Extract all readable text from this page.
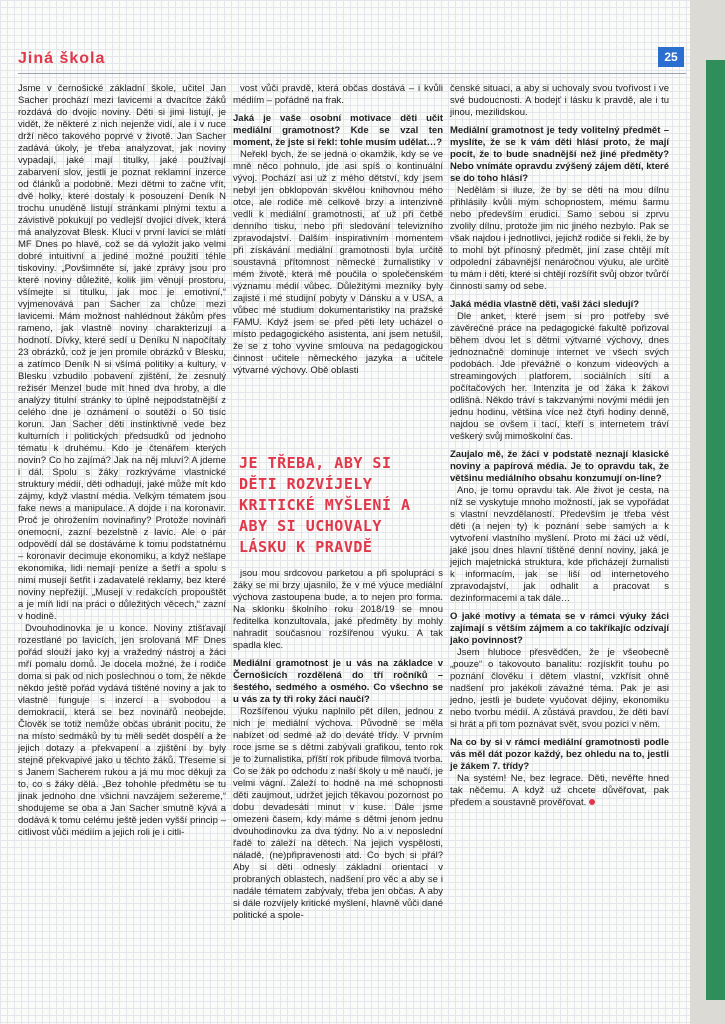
Jiná škola	25

Jsme v černošické základní škole, učitel Jan Sacher prochází mezi lavicemi a dvacítce žáků rozdává do dvojic noviny. Děti si jimi listují, je vidět, že některé z nich nejenže vidí, ale i v ruce drží něco takového poprvé v životě. Jan Sacher zadává úkoly, je třeba analyzovat, jak noviny vypadají, jaké mají titulky, jaké používají zabarvení slov, jestli je poznat reklamní inzerce od článků a podobně. Mezi dětmi to začne vřít, dvě holky, které dostaly k posouzení Deník N trochu unuděně listují stránkami plnými textu a závistivě pokukují po vedlejší dvojici dívek, která má analyzovat Blesk. Kluci v první lavici se mlátí MF Dnes po hlavě, což se dá vyložit jako velmi dobré intuitivní a jediné možné použití téhle tiskoviny. „Povšimněte si, jaké zprávy jsou pro které noviny důležité, kolik jim věnují prostoru, všímejte si titulku, jak moc je emotivní,“ vyjmenovává pan Sacher za chůze mezi lavicemi. Mám možnost nahlédnout žákům přes rameno, jak vlastně noviny charakterizují a hodnotí. Dívky, které sedí u Deníku N napočítaly 23 obrázků, což je jen promile obrázků v Blesku, a zatímco Deník N si všímá politiky a kultury, v Blesku vzbudilo pobavení zjištění, že zesnulý režisér Menzel bude mít hned dva hroby, a dle analýzy titulní stránky to úplně nejpodstatnější z celého dne je oznámení o soutěži o 50 tisíc korun. Jan Sacher děti instinktivně vede bez kulturních i politických předsudků od jednoho tématu k druhému. Kdo je čtenářem kterých novin? Co ho zajímá? Jak na něj mluví? A jdeme i dál. Spolu s žáky rozkrýváme vlastnické struktury médií, děti odhadují, jaké může mít kdo zájmy, když vlastní média. Velkým tématem jsou fake news a manipulace. A dojde i na koronavir. Proč je ohrožením novinařiny? Protože novináři onemocní, zazní bezelstně z lavic. Ale o pár odpovědí dál se dostáváme k tomu podstatnému – koronavir decimuje ekonomiku, a když nešlape ekonomika, lidi nemají peníze a šetří a spolu s nimi musejí šetřit i zadavatelé reklamy, bez které noviny nepřežijí. „Musejí v redakcích propouštět a je míň lidí na práci o důležitých věcech,“ zazní v hodině.

Dvouhodinovka je u konce. Noviny ztišťavají rozestlané po lavicích, jen srolovaná MF Dnes pořád slouží jako kyj a vražedný nástroj a žáci mří pomalu domů. Je docela možné, že i rodiče doma si pak od nich poslechnou o tom, že někde někdo ještě pořád vydává tištěné noviny a jak to vlastně funguje s inzercí a svobodou a demokracií, která se bez novinářů neobejde. Člověk se totiž nemůže občas ubránit pocitu, že na místo sedmáků by tu měli sedět dospělí a že jejich dotazy a překvapení a zjištění by byly stejně překvapivé jako u těchto žáků. Třeseme si s Janem Sacherem rukou a já mu moc děkuji za to, co s žáky dělá. „Bez tohohle předmětu se tu jinak jednoho dne všichni navzájem sežereme,“ shodujeme se oba a Jan Sacher smutně kývá a dodává k tomu celému ještě jeden vyšší princip – citlivost vůči médiím a jejich roli je i citli-

vost vůči pravdě, která občas dostává – i kvůli médiím – pořádně na frak.

Jaká je vaše osobní motivace děti učit mediální gramotnost? Kde se vzal ten moment, že jste si řekl: tohle musím udělat…?

Neřekl bych, že se jedná o okamžik, kdy se ve mně něco pohnulo, jde asi spíš o kontinuální vývoj. Pochází asi už z mého dětství, kdy jsem nebyl jen obklopován skvělou knihovnou mého otce, ale rodiče mě celkově brzy a intenzivně vedli k mediální gramotnosti, ať už při četbě denního tisku, nebo při sledování televizního zpravodajství. Dalším inspirativním momentem při získávání mediální gramotnosti byla určitě soustavná přítomnost německé žurnalistiky v mém životě, která mě poučila o společenském významu médií vůbec. Důležitými mezníky byly zajisté i mé studijní pobyty v Dánsku a v USA, a vůbec mé studium dokumentaristiky na pražské FAMU. Když jsem se před pěti lety ucházel o místo pedagogického asistenta, ani jsem netušil, že se z toho vyvine smlouva na pedagogickou činnost učitele německého jazyka a učitele výtvarné výchovy. Obě oblasti

JE TŘEBA, ABY SI DĚTI ROZVÍJELY KRITICKÉ MYŠLENÍ A ABY SI UCHOVALY LÁSKU K PRAVDĚ

jsou mou srdcovou parketou a při spolupráci s žáky se mi brzy ujasnilo, že v mé výuce mediální výchova zastoupena bude, a to nejen pro forma. Na sklonku školního roku 2018/19 se mnou ředitelka konzultovala, jaké předměty by mohly nahradit současnou rozšířenou výuku. A tak spadla klec.

Mediální gramotnost je u vás na základce v Černošicích rozdělená do tří ročníků – šestého, sedmého a osmého. Co všechno se u vás za ty tři roky žáci naučí?

Rozšířenou výuku naplnilo pět dílen, jednou z nich je mediální výchova. Původně se měla nabízet od sedmé až do deváté třídy. V prvním roce jsme se s dětmi zabývali grafikou, tento rok je to žurnalistika, příští rok přibude filmová tvorba. Co se žák po odchodu z naší školy u mě naučí, je velmi vágní. Záleží to hodně na mé schopnosti děti zaujmout, udržet jejich těkavou pozornost po dobu devadesáti minut v kuse. Dále jsme omezeni časem, kdy máme s dětmi jenom jednu dvouhodinovku za dva týdny. No a v neposlední řadě to záleží na dětech. Na jejich vyspělosti, náladě, (ne)připravenosti atd. Co bych si přál? Aby si děti odnesly základní orientaci v probraných oblastech, nadšení pro věc a aby se i nadále tématem zabývaly, třeba jen občas. A aby si dále rozvíjely kritické myšlení, hlavně vůči dané politické a spole-

čenské situaci, a aby si uchovaly svou tvořivost i ve své budoucnosti. A bodejť i lásku k pravdě, ale i tu jinou, mezilidskou.

Mediální gramotnost je tedy volitelný předmět – myslíte, že se k vám děti hlásí proto, že mají pocit, že to bude snadnější než jiné předměty? Nebo vnímáte opravdu zvýšený zájem dětí, které se do toho hlásí?

Nedělám si iluze, že by se děti na mou dílnu přihlásily kvůli mým schopnostem, mému šarmu nebo především erudici. Samo sebou si zprvu zvolily dílnu, protože jim nic jiného nezbylo. Pak se však najdou i jednotlivci, jejichž rodiče si řekli, že by to mohl být přínosný předmět, jiní zase chtějí mít odpolední zábavnější nenáročnou výuku, ale určitě tu mám i děti, které si chtějí rozšířit svůj obzor tvůrčí činnosti samy od sebe.

Jaká média vlastně děti, vaši žáci sledují?

Dle anket, které jsem si pro potřeby své závěrečné práce na pedagogické fakultě pořizoval během dvou let s dětmi výtvarné výchovy, dnes jednoznačně dominuje internet ve všech svých podobách. Jde převážně o konzum videových a streamingových platforem, sociálních sítí a počítačových her. Intenzita je od žáka k žákovi odlišná. Někdo tráví s takzvanými novými médii jen jednu hodinu, většina více než čtyři hodiny denně, najdou se ovšem i tací, kteří s internetem tráví veškerý svůj mimoškolní čas.

Zaujalo mě, že žáci v podstatě neznají klasické noviny a papírová média. Je to opravdu tak, že většinu mediálního obsahu konzumují on-line?

Ano, je tomu opravdu tak. Ale život je cesta, na níž se vyskytuje mnoho možností, jak se vypořádat s vlastní nevzdělaností. Především je třeba vést děti (a nejen ty) k poznání sebe samých a k vytvoření vlastního myšlení. Proto mi žáci už vědí, jaké jsou dnes hlavní tištěné denní noviny, jaká je jejich majetnická struktura, kde přicházejí žurnalisti k informacím, jak se liší od internetového zpravodajství, jak odhalit a pracovat s dezinformacemi a tak dále…

O jaké motivy a témata se v rámci výuky žáci zajímají s větším zájmem a co takříkajíc odzívají jako povinnost?

Jsem hluboce přesvědčen, že je všeobecně „pouze“ o takovouto banalitu: rozjískřit touhu po poznání člověku i dětem vlastní, vzkřísit ohně nadšení pro jakékoli závažné téma. Pak je asi jedno, jestli je budete vyučovat dějiny, ekonomiku nebo tvorbu médií. A zůstává pravdou, že děti baví si hrát a při tom poznávat svět, svou pozici v něm.

Na co by si v rámci mediální gramotnosti podle vás měl dát pozor každý, bez ohledu na to, jestli je žákem 7. třídy?

Na systém! Ne, bez legrace. Děti, nevěřte hned tak něčemu. A když už chcete důvěřovat, pak předem a soustavně prověřovat.
